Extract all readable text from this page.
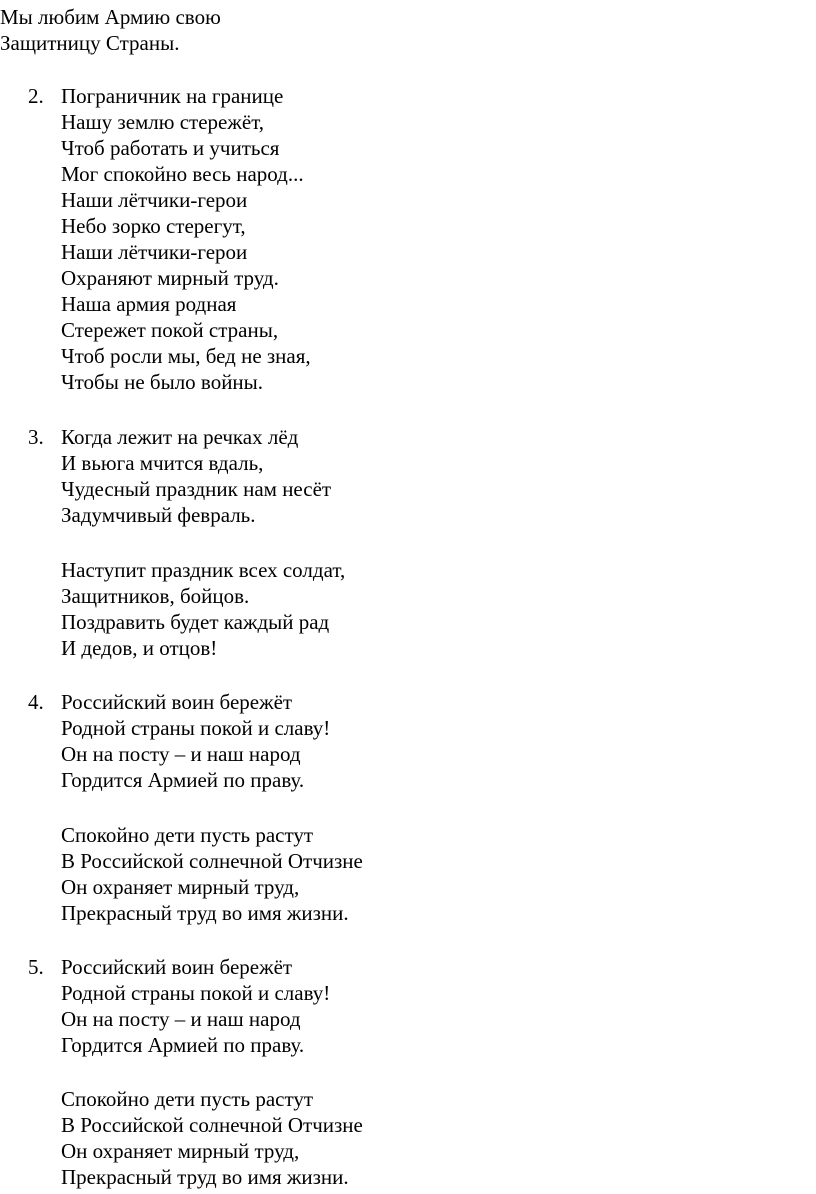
Мы любим Армию свою
Защитницу Страны.
2. Пограничник на границе
Нашу землю стережёт,
Чтоб работать и учиться
Мог спокойно весь народ...
Наши лётчики-герои
Небо зорко стерегут,
Наши лётчики-герои
Охраняют мирный труд.
Наша армия родная
Стережет покой страны,
Чтоб росли мы, бед не зная,
Чтобы не было войны.
3. Когда лежит на речках лёд
И вьюга мчится вдаль,
Чудесный праздник нам несёт
Задумчивый февраль.
Наступит праздник всех солдат,
Защитников, бойцов.
Поздравить будет каждый рад
И дедов, и отцов!
4. Российский воин бережёт
Родной страны покой и славу!
Он на посту – и наш народ
Гордится Армией по праву.
Спокойно дети пусть растут
В Российской солнечной Отчизне
Он охраняет мирный труд,
Прекрасный труд во имя жизни.
5. Российский воин бережёт
Родной страны покой и славу!
Он на посту – и наш народ
Гордится Армией по праву.
Спокойно дети пусть растут
В Российской солнечной Отчизне
Он охраняет мирный труд,
Прекрасный труд во имя жизни.
